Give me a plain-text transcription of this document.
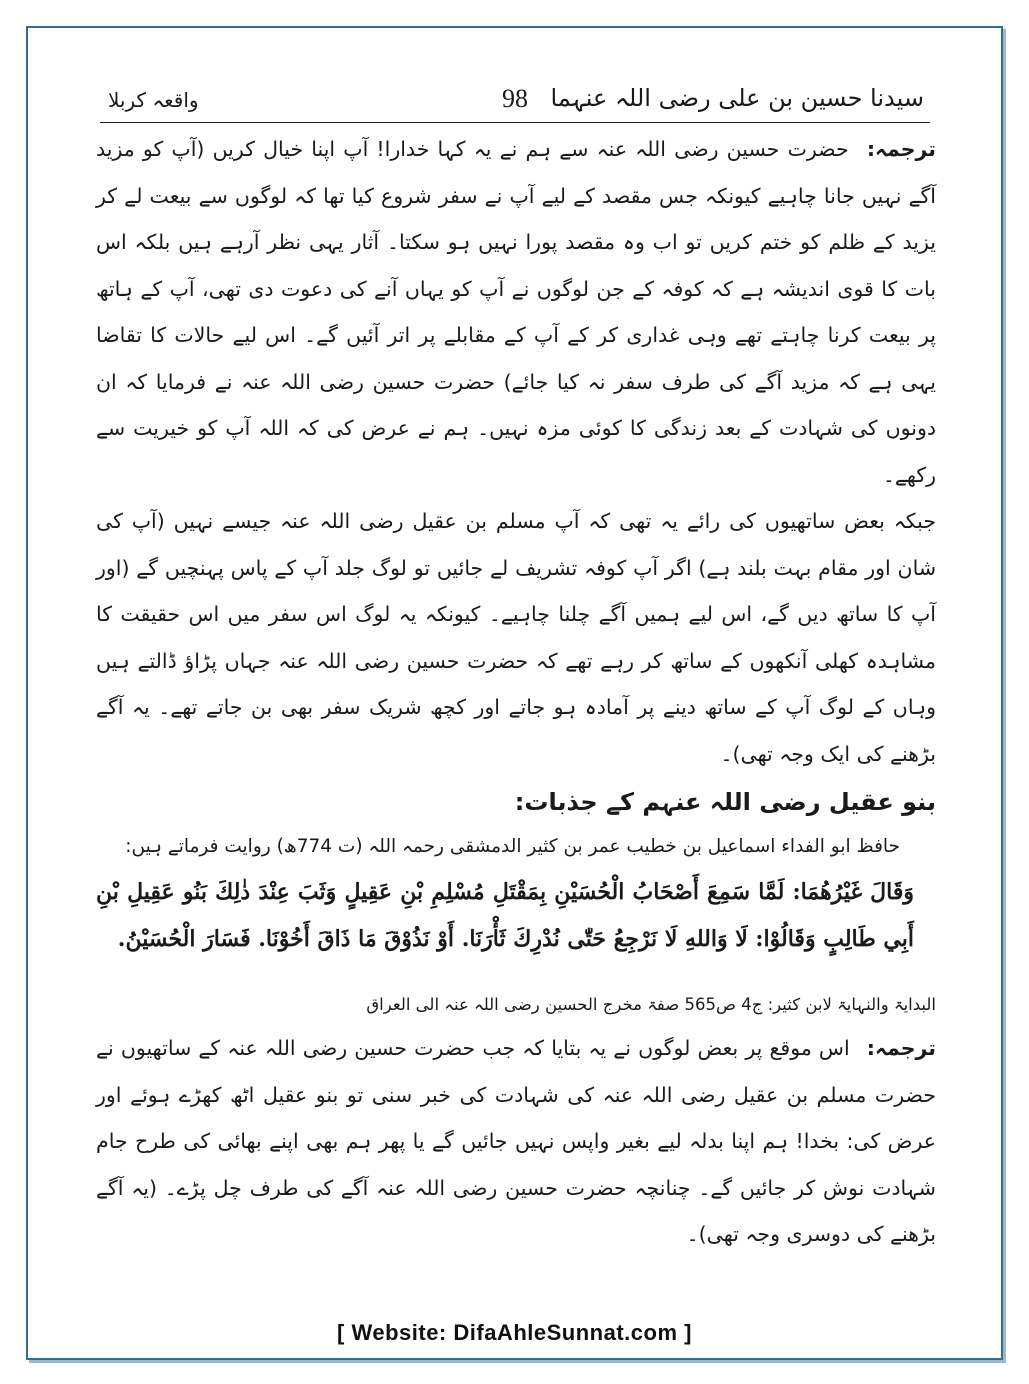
سیدنا حسین بن علی رضی اللہ عنہما
98
واقعہ کربلا

ترجمہ: حضرت حسین رضی اللہ عنہ سے ہم نے یہ کہا خدارا! آپ اپنا خیال کریں (آپ کو مزید آگے نہیں جانا چاہیے کیونکہ جس مقصد کے لیے آپ نے سفر شروع کیا تھا کہ لوگوں سے بیعت لے کر یزید کے ظلم کو ختم کریں تو اب وہ مقصد پورا نہیں ہو سکتا۔ آثار یہی نظر آرہے ہیں بلکہ اس بات کا قوی اندیشہ ہے کہ کوفہ کے جن لوگوں نے آپ کو یہاں آنے کی دعوت دی تھی، آپ کے ہاتھ پر بیعت کرنا چاہتے تھے وہی غداری کر کے آپ کے مقابلے پر اتر آئیں گے۔ اس لیے حالات کا تقاضا یہی ہے کہ مزید آگے کی طرف سفر نہ کیا جائے) حضرت حسین رضی اللہ عنہ نے فرمایا کہ ان دونوں کی شہادت کے بعد زندگی کا کوئی مزہ نہیں۔ ہم نے عرض کی کہ اللہ آپ کو خیریت سے رکھے۔

جبکہ بعض ساتھیوں کی رائے یہ تھی کہ آپ مسلم بن عقیل رضی اللہ عنہ جیسے نہیں (آپ کی شان اور مقام بہت بلند ہے) اگر آپ کوفہ تشریف لے جائیں تو لوگ جلد آپ کے پاس پہنچیں گے (اور آپ کا ساتھ دیں گے، اس لیے ہمیں آگے چلنا چاہیے۔ کیونکہ یہ لوگ اس سفر میں اس حقیقت کا مشاہدہ کھلی آنکھوں کے ساتھ کر رہے تھے کہ حضرت حسین رضی اللہ عنہ جہاں پڑاؤ ڈالتے ہیں وہاں کے لوگ آپ کے ساتھ دینے پر آمادہ ہو جاتے اور کچھ شریک سفر بھی بن جاتے تھے۔ یہ آگے بڑھنے کی ایک وجہ تھی)۔

بنو عقیل رضی اللہ عنہم کے جذبات:

حافظ ابو الفداء اسماعیل بن خطیب عمر بن کثیر الدمشقی رحمہ اللہ (ت 774ھ) روایت فرماتے ہیں:

وَقَالَ غَيْرُهُمَا: لَمَّا سَمِعَ أَصْحَابُ الْحُسَيْنِ بِمَقْتَلِ مُسْلِمِ بْنِ عَقِيلٍ وَثَبَ عِنْدَ ذٰلِكَ بَنُو عَقِيلِ بْنِ أَبِي طَالِبٍ وَقَالُوْا: لَا وَاللهِ لَا نَرْجِعُ حَتّٰى نُدْرِكَ ثَأْرَنَا. أَوْ نَذُوْقَ مَا ذَاقَ أَخُوْنَا. فَسَارَ الْحُسَيْنُ.

البدایۃ والنہایۃ لابن کثیر: ج4 ص565 صفۃ مخرج الحسین رضی اللہ عنہ الی العراق

ترجمہ: اس موقع پر بعض لوگوں نے یہ بتایا کہ جب حضرت حسین رضی اللہ عنہ کے ساتھیوں نے حضرت مسلم بن عقیل رضی اللہ عنہ کی شہادت کی خبر سنی تو بنو عقیل اٹھ کھڑے ہوئے اور عرض کی: بخدا! ہم اپنا بدلہ لیے بغیر واپس نہیں جائیں گے یا پھر ہم بھی اپنے بھائی کی طرح جام شہادت نوش کر جائیں گے۔ چنانچہ حضرت حسین رضی اللہ عنہ آگے کی طرف چل پڑے۔ (یہ آگے بڑھنے کی دوسری وجہ تھی)۔

[ Website: DifaAhleSunnat.com ]
